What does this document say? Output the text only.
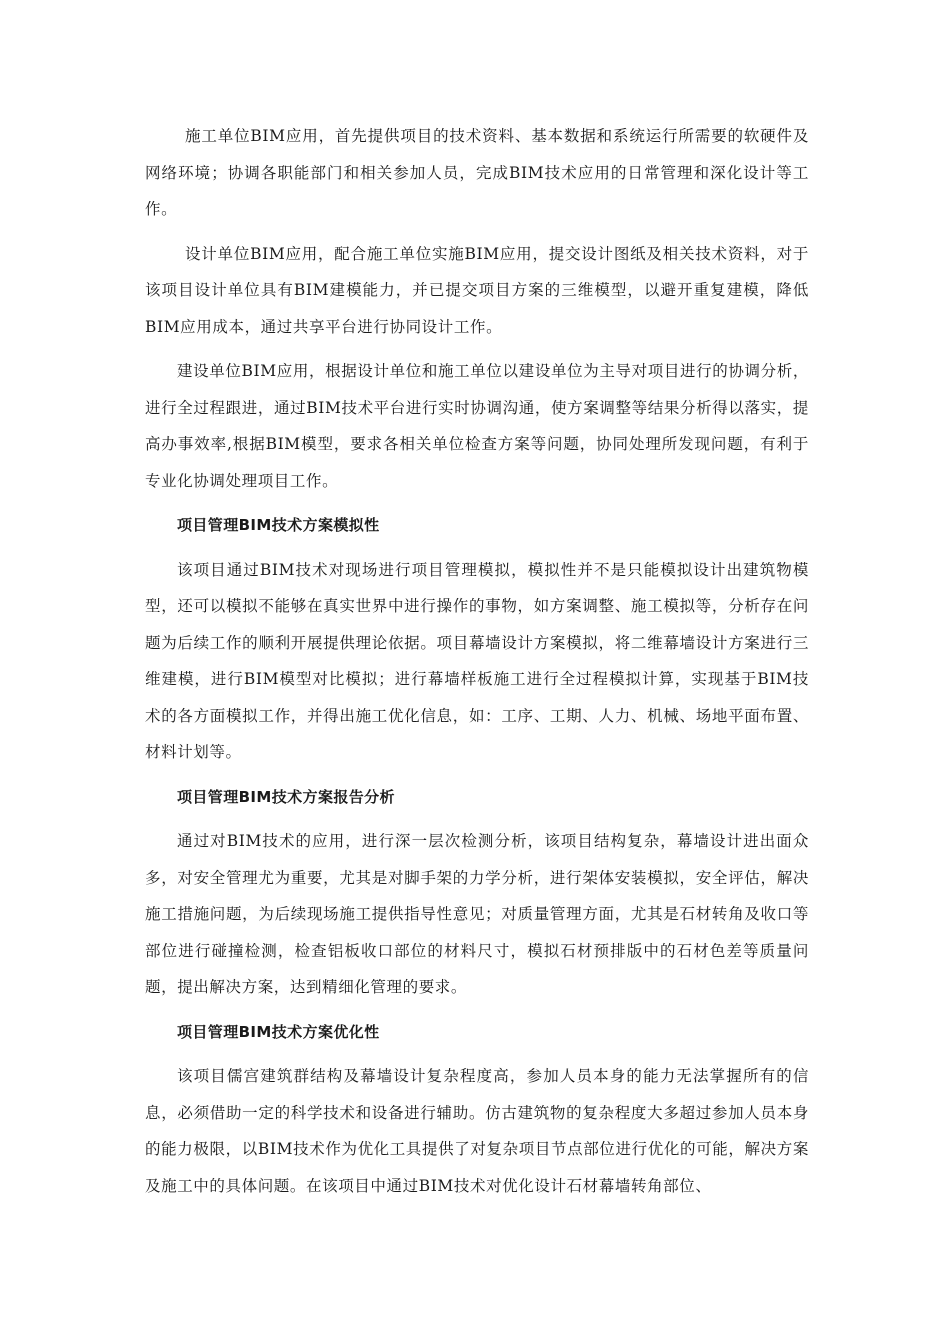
施工单位BIM应用，首先提供项目的技术资料、基本数据和系统运行所需要的软硬件及网络环境；协调各职能部门和相关参加人员，完成BIM技术应用的日常管理和深化设计等工作。

设计单位BIM应用，配合施工单位实施BIM应用，提交设计图纸及相关技术资料，对于该项目设计单位具有BIM建模能力，并已提交项目方案的三维模型，以避开重复建模，降低BIM应用成本，通过共享平台进行协同设计工作。

建设单位BIM应用，根据设计单位和施工单位以建设单位为主导对项目进行的协调分析，进行全过程跟进，通过BIM技术平台进行实时协调沟通，使方案调整等结果分析得以落实，提高办事效率,根据BIM模型，要求各相关单位检查方案等问题，协同处理所发现问题，有利于专业化协调处理项目工作。

项目管理BIM技术方案模拟性

该项目通过BIM技术对现场进行项目管理模拟，模拟性并不是只能模拟设计出建筑物模型，还可以模拟不能够在真实世界中进行操作的事物，如方案调整、施工模拟等，分析存在问题为后续工作的顺利开展提供理论依据。项目幕墙设计方案模拟，将二维幕墙设计方案进行三维建模，进行BIM模型对比模拟；进行幕墙样板施工进行全过程模拟计算，实现基于BIM技术的各方面模拟工作，并得出施工优化信息，如：工序、工期、人力、机械、场地平面布置、材料计划等。

项目管理BIM技术方案报告分析

通过对BIM技术的应用，进行深一层次检测分析，该项目结构复杂，幕墙设计进出面众多，对安全管理尤为重要，尤其是对脚手架的力学分析，进行架体安装模拟，安全评估，解决施工措施问题，为后续现场施工提供指导性意见；对质量管理方面，尤其是石材转角及收口等部位进行碰撞检测，检查铝板收口部位的材料尺寸，模拟石材预排版中的石材色差等质量问题，提出解决方案，达到精细化管理的要求。

项目管理BIM技术方案优化性

该项目儒宫建筑群结构及幕墙设计复杂程度高，参加人员本身的能力无法掌握所有的信息，必须借助一定的科学技术和设备进行辅助。仿古建筑物的复杂程度大多超过参加人员本身的能力极限，以BIM技术作为优化工具提供了对复杂项目节点部位进行优化的可能，解决方案及施工中的具体问题。在该项目中通过BIM技术对优化设计石材幕墙转角部位、
